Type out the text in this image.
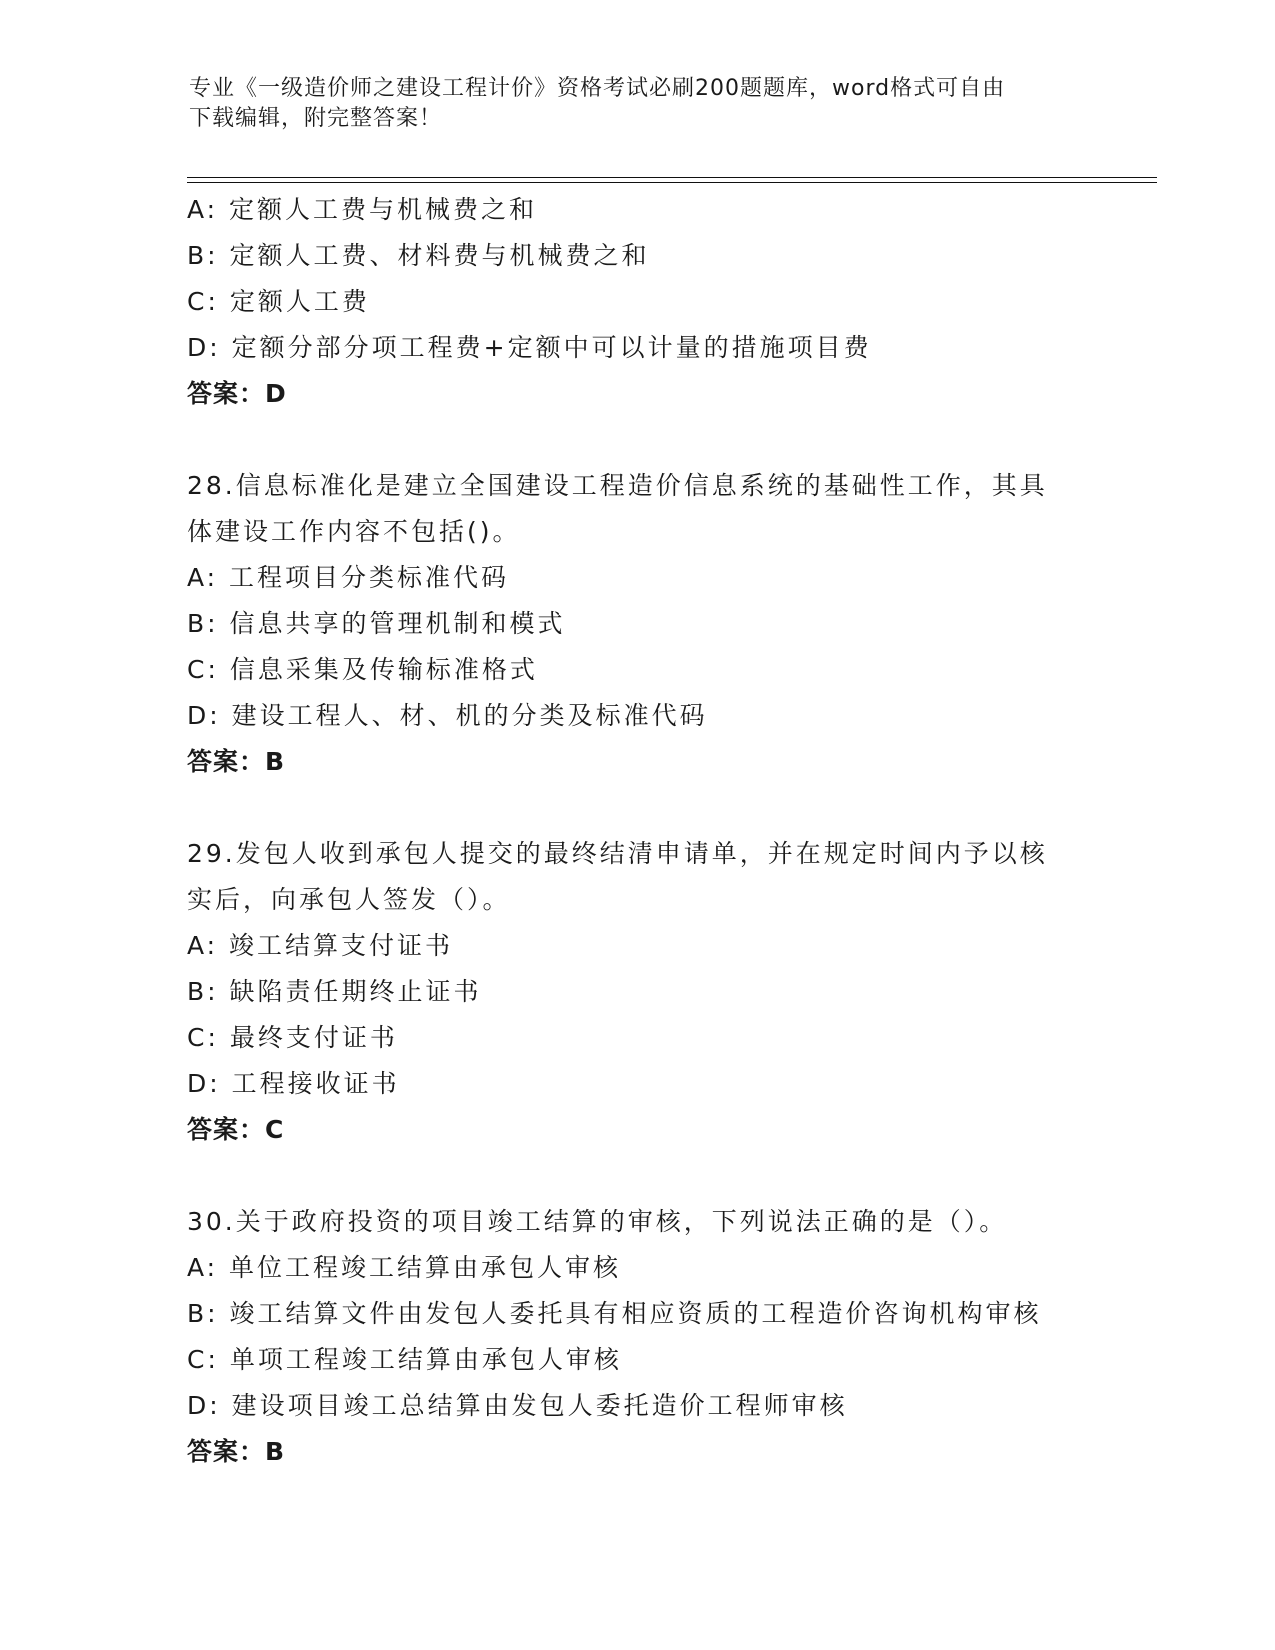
专业《一级造价师之建设工程计价》资格考试必刷200题题库，word格式可自由
下载编辑，附完整答案！
A: 定额人工费与机械费之和
B: 定额人工费、材料费与机械费之和
C: 定额人工费
D: 定额分部分项工程费+定额中可以计量的措施项目费
答案：D
28.信息标准化是建立全国建设工程造价信息系统的基础性工作，其具
体建设工作内容不包括()。
A: 工程项目分类标准代码
B: 信息共享的管理机制和模式
C: 信息采集及传输标准格式
D: 建设工程人、材、机的分类及标准代码
答案：B
29.发包人收到承包人提交的最终结清申请单，并在规定时间内予以核
实后，向承包人签发（）。
A: 竣工结算支付证书
B: 缺陷责任期终止证书
C: 最终支付证书
D: 工程接收证书
答案：C
30.关于政府投资的项目竣工结算的审核，下列说法正确的是（）。
A: 单位工程竣工结算由承包人审核
B: 竣工结算文件由发包人委托具有相应资质的工程造价咨询机构审核
C: 单项工程竣工结算由承包人审核
D: 建设项目竣工总结算由发包人委托造价工程师审核
答案：B
